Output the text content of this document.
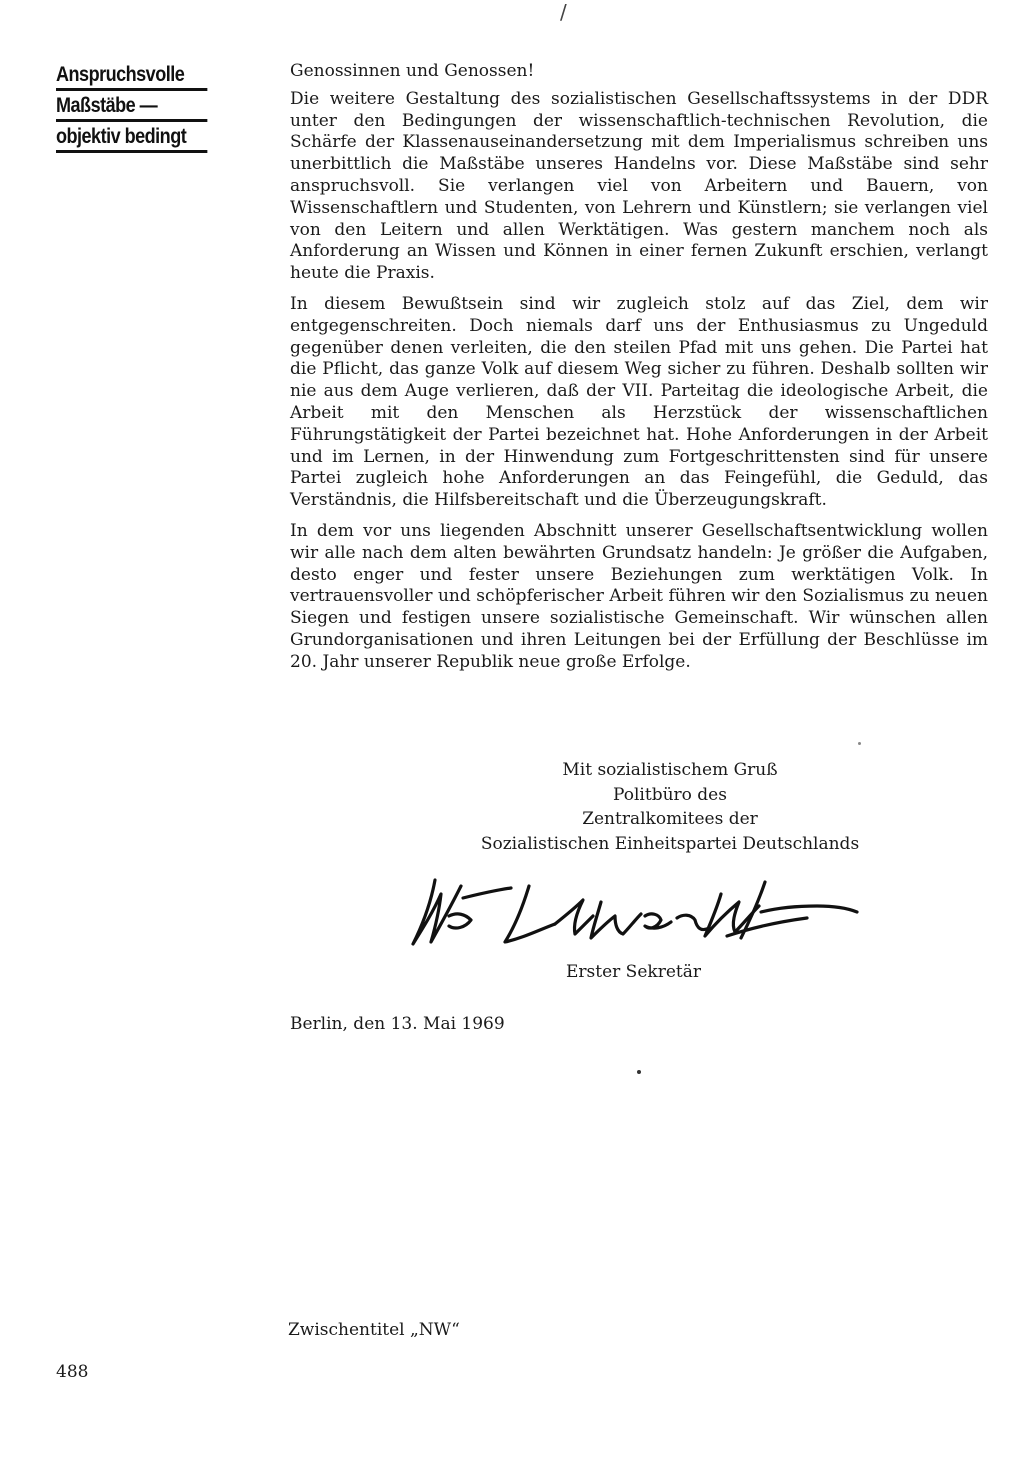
/
Anspruchsvolle
Maßstäbe —
objektiv bedingt

Genossinnen und Genossen!

Die weitere Gestaltung des sozialistischen Gesellschaftssystems in der DDR unter den Bedingungen der wissenschaftlich-technischen Revolution, die Schärfe der Klassenauseinandersetzung mit dem Imperialismus schreiben uns unerbittlich die Maßstäbe unseres Handelns vor. Diese Maßstäbe sind sehr anspruchsvoll. Sie verlangen viel von Arbeitern und Bauern, von Wissenschaftlern und Studenten, von Lehrern und Künstlern; sie verlangen viel von den Leitern und allen Werktätigen. Was gestern manchem noch als Anforderung an Wissen und Können in einer fernen Zukunft erschien, verlangt heute die Praxis.

In diesem Bewußtsein sind wir zugleich stolz auf das Ziel, dem wir entgegenschreiten. Doch niemals darf uns der Enthusiasmus zu Ungeduld gegenüber denen verleiten, die den steilen Pfad mit uns gehen. Die Partei hat die Pflicht, das ganze Volk auf diesem Weg sicher zu führen. Deshalb sollten wir nie aus dem Auge verlieren, daß der VII. Parteitag die ideologische Arbeit, die Arbeit mit den Menschen als Herzstück der wissenschaftlichen Führungstätigkeit der Partei bezeichnet hat. Hohe Anforderungen in der Arbeit und im Lernen, in der Hinwendung zum Fortgeschrittensten sind für unsere Partei zugleich hohe Anforderungen an das Feingefühl, die Geduld, das Verständnis, die Hilfsbereitschaft und die Überzeugungskraft.

In dem vor uns liegenden Abschnitt unserer Gesellschaftsentwicklung wollen wir alle nach dem alten bewährten Grundsatz handeln: Je größer die Aufgaben, desto enger und fester unsere Beziehungen zum werktätigen Volk. In vertrauensvoller und schöpferischer Arbeit führen wir den Sozialismus zu neuen Siegen und festigen unsere sozialistische Gemeinschaft. Wir wünschen allen Grundorganisationen und ihren Leitungen bei der Erfüllung der Beschlüsse im 20. Jahr unserer Republik neue große Erfolge.

Mit sozialistischem Gruß
Politbüro des
Zentralkomitees der
Sozialistischen Einheitspartei Deutschlands
Erster Sekretär
Berlin, den 13. Mai 1969
Zwischentitel „NW“
488
